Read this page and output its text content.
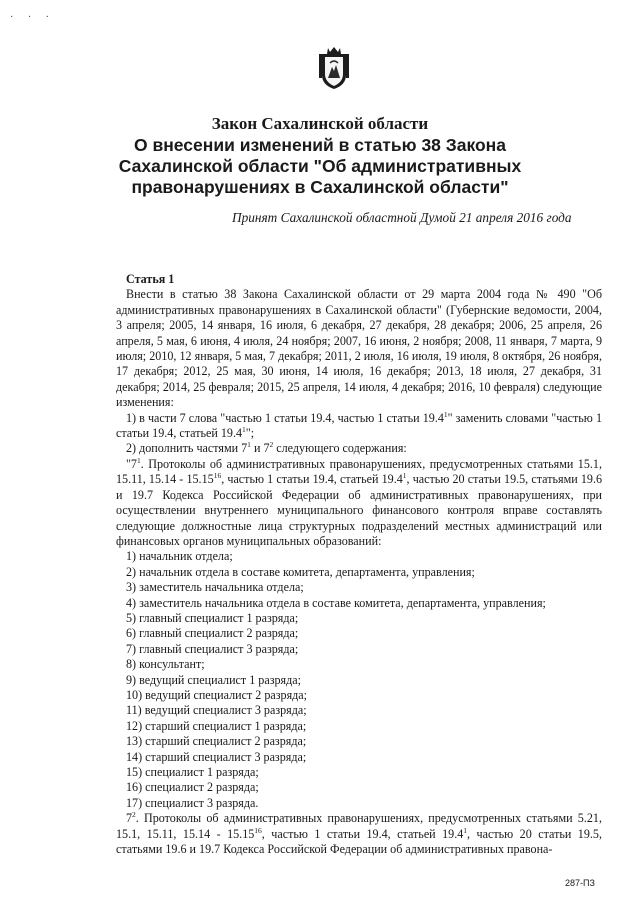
· · ·
Закон Сахалинской области
О внесении изменений в статью 38 Закона
Сахалинской области "Об административных
правонарушениях в Сахалинской области"
Принят Сахалинской областной Думой 21 апреля 2016 года
Статья 1

Внести в статью 38 Закона Сахалинской области от 29 марта 2004 года № 490 "Об административных правонарушениях в Сахалинской области" (Губернские ведомости, 2004, 3 апреля; 2005, 14 января, 16 июля, 6 декабря, 27 декабря, 28 декабря; 2006, 25 апреля, 26 апреля, 5 мая, 6 июня, 4 июля, 24 ноября; 2007, 16 июня, 2 ноября; 2008, 11 января, 7 марта, 9 июля; 2010, 12 января, 5 мая, 7 декабря; 2011, 2 июля, 16 июля, 19 июля, 8 октября, 26 ноября, 17 декабря; 2012, 25 мая, 30 июня, 14 июля, 16 декабря; 2013, 18 июля, 27 декабря, 31 декабря; 2014, 25 февраля; 2015, 25 апреля, 14 июля, 4 декабря; 2016, 10 февраля) следующие изменения:

1) в части 7 слова "частью 1 статьи 19.4, частью 1 статьи 19.4$^1$" заменить словами "частью 1 статьи 19.4, статьей 19.4$^1$";

2) дополнить частями $7^1$ и $7^2$ следующего содержания:

"$7^1$. Протоколы об административных правонарушениях, предусмотренных статьями 15.1, 15.11, 15.14 - 15.15$^{16}$, частью 1 статьи 19.4, статьей 19.4$^1$, частью 20 статьи 19.5, статьями 19.6 и 19.7 Кодекса Российской Федерации об административных правонарушениях, при осуществлении внутреннего муниципального финансового контроля вправе составлять следующие должностные лица структурных подразделений местных администраций или финансовых органов муниципальных образований:

1) начальник отдела;
2) начальник отдела в составе комитета, департамента, управления;
3) заместитель начальника отдела;
4) заместитель начальника отдела в составе комитета, департамента, управления;
5) главный специалист 1 разряда;
6) главный специалист 2 разряда;
7) главный специалист 3 разряда;
8) консультант;
9) ведущий специалист 1 разряда;
10) ведущий специалист 2 разряда;
11) ведущий специалист 3 разряда;
12) старший специалист 1 разряда;
13) старший специалист 2 разряда;
14) старший специалист 3 разряда;
15) специалист 1 разряда;
16) специалист 2 разряда;
17) специалист 3 разряда.

$7^2$. Протоколы об административных правонарушениях, предусмотренных статьями 5.21, 15.1, 15.11, 15.14 - 15.15$^{16}$, частью 1 статьи 19.4, статьей 19.4$^1$, частью 20 статьи 19.5, статьями 19.6 и 19.7 Кодекса Российской Федерации об административных правона-

287-ПЗ
